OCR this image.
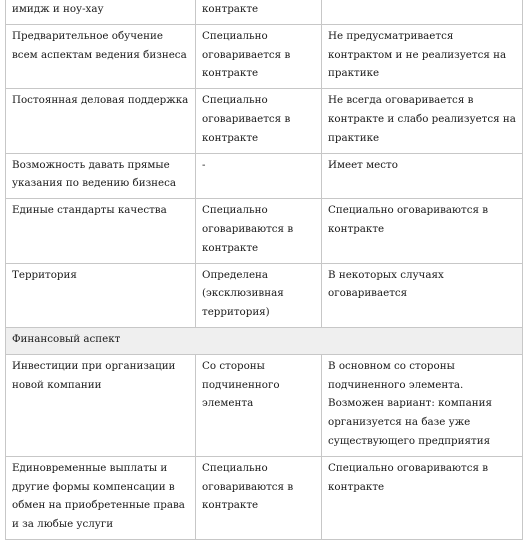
имидж и ноу-хау	контракте	
Предварительное обучение всем аспектам ведения бизнеса	Специально оговаривается в контракте	Не предусматривается контрактом и не реализуется на практике
Постоянная деловая поддержка	Специально оговаривается в контракте	Не всегда оговаривается в контракте и слабо реализуется на практике
Возможность давать прямые указания по ведению бизнеса	-	Имеет место
Единые стандарты качества	Специально оговариваются в контракте	Специально оговариваются в контракте
Территория	Определена (эксклюзивная территория)	В некоторых случаях оговаривается
Финансовый аспект		
Инвестиции при организации новой компании	Со стороны подчиненного элемента	В основном со стороны подчиненного элемента. Возможен вариант: компания организуется на базе уже существующего предприятия
Единовременные выплаты и другие формы компенсации в обмен на приобретенные права и за любые услуги	Специально оговариваются в контракте	Специально оговариваются в контракте
